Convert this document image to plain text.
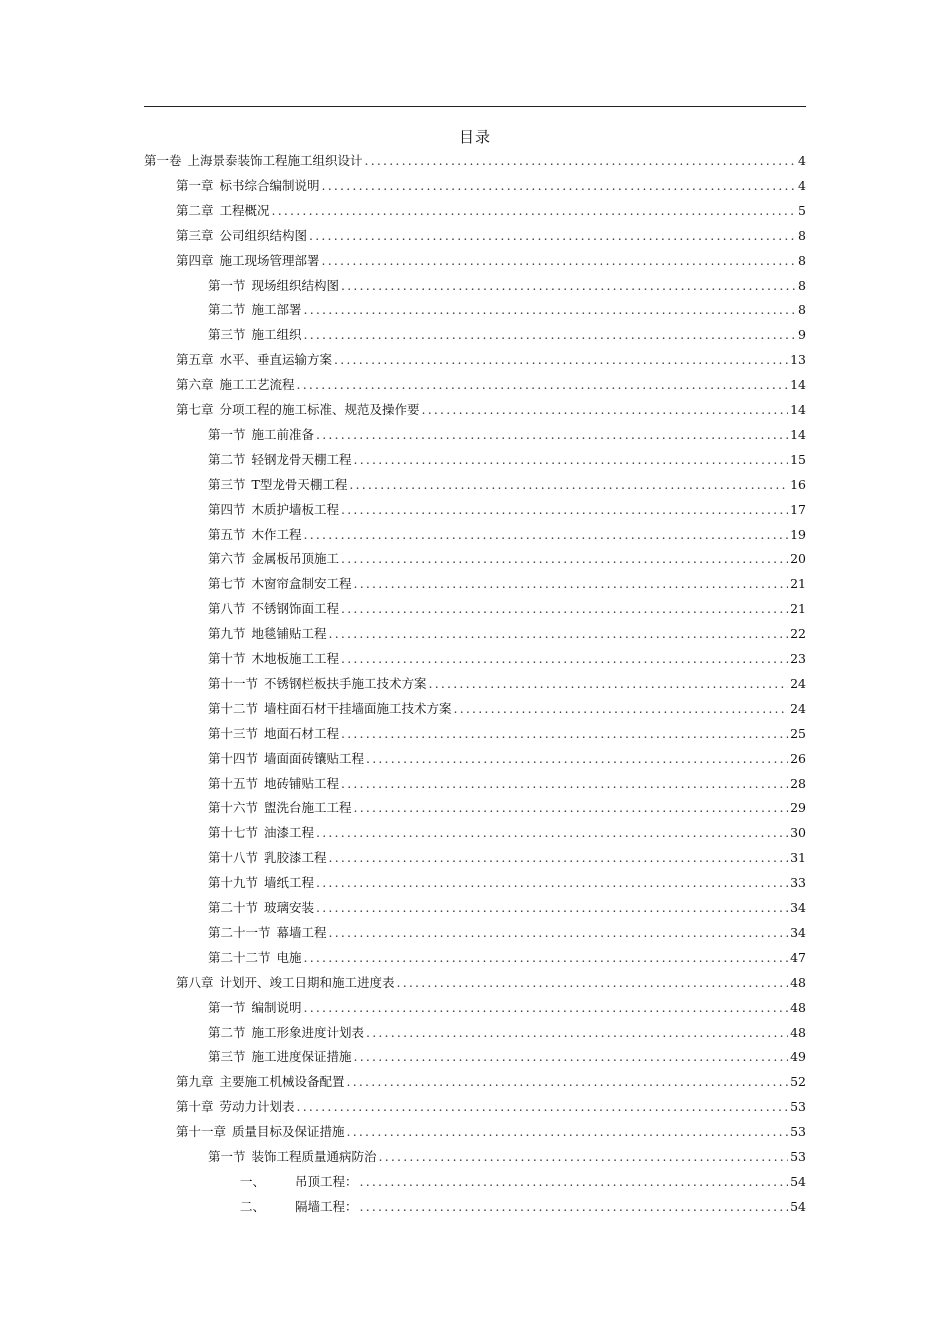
目录
第一卷 上海景泰装饰工程施工组织设计 .....	4
第一章 标书综合编制说明 .....	4
第二章 工程概况 .....	5
第三章 公司组织结构图 .....	8
第四章 施工现场管理部署 .....	8
第一节 现场组织结构图 .....	8
第二节 施工部署 .....	8
第三节 施工组织 .....	9
第五章 水平、垂直运输方案 .....	13
第六章 施工工艺流程 .....	14
第七章 分项工程的施工标准、规范及操作要 .....	14
第一节 施工前准备 .....	14
第二节 轻钢龙骨天棚工程 .....	15
第三节 T型龙骨天棚工程 .....	16
第四节 木质护墙板工程 .....	17
第五节 木作工程 .....	19
第六节 金属板吊顶施工 .....	20
第七节 木窗帘盒制安工程 .....	21
第八节 不锈钢饰面工程 .....	21
第九节 地毯铺贴工程 .....	22
第十节 木地板施工工程 .....	23
第十一节 不锈钢栏板扶手施工技术方案 .....	24
第十二节 墙柱面石材干挂墙面施工技术方案 .....	24
第十三节 地面石材工程 .....	25
第十四节 墙面面砖镶贴工程 .....	26
第十五节 地砖铺贴工程 .....	28
第十六节 盥洗台施工工程 .....	29
第十七节 油漆工程 .....	30
第十八节 乳胶漆工程 .....	31
第十九节 墙纸工程 .....	33
第二十节 玻璃安装 .....	34
第二十一节 幕墙工程 .....	34
第二十二节 电施 .....	47
第八章 计划开、竣工日期和施工进度表 .....	48
第一节 编制说明 .....	48
第二节 施工形象进度计划表 .....	48
第三节 施工进度保证措施 .....	49
第九章 主要施工机械设备配置 .....	52
第十章 劳动力计划表 .....	53
第十一章 质量目标及保证措施 .....	53
第一节 装饰工程质量通病防治 .....	53
一、 吊顶工程： .....	54
二、 隔墙工程： .....	54
